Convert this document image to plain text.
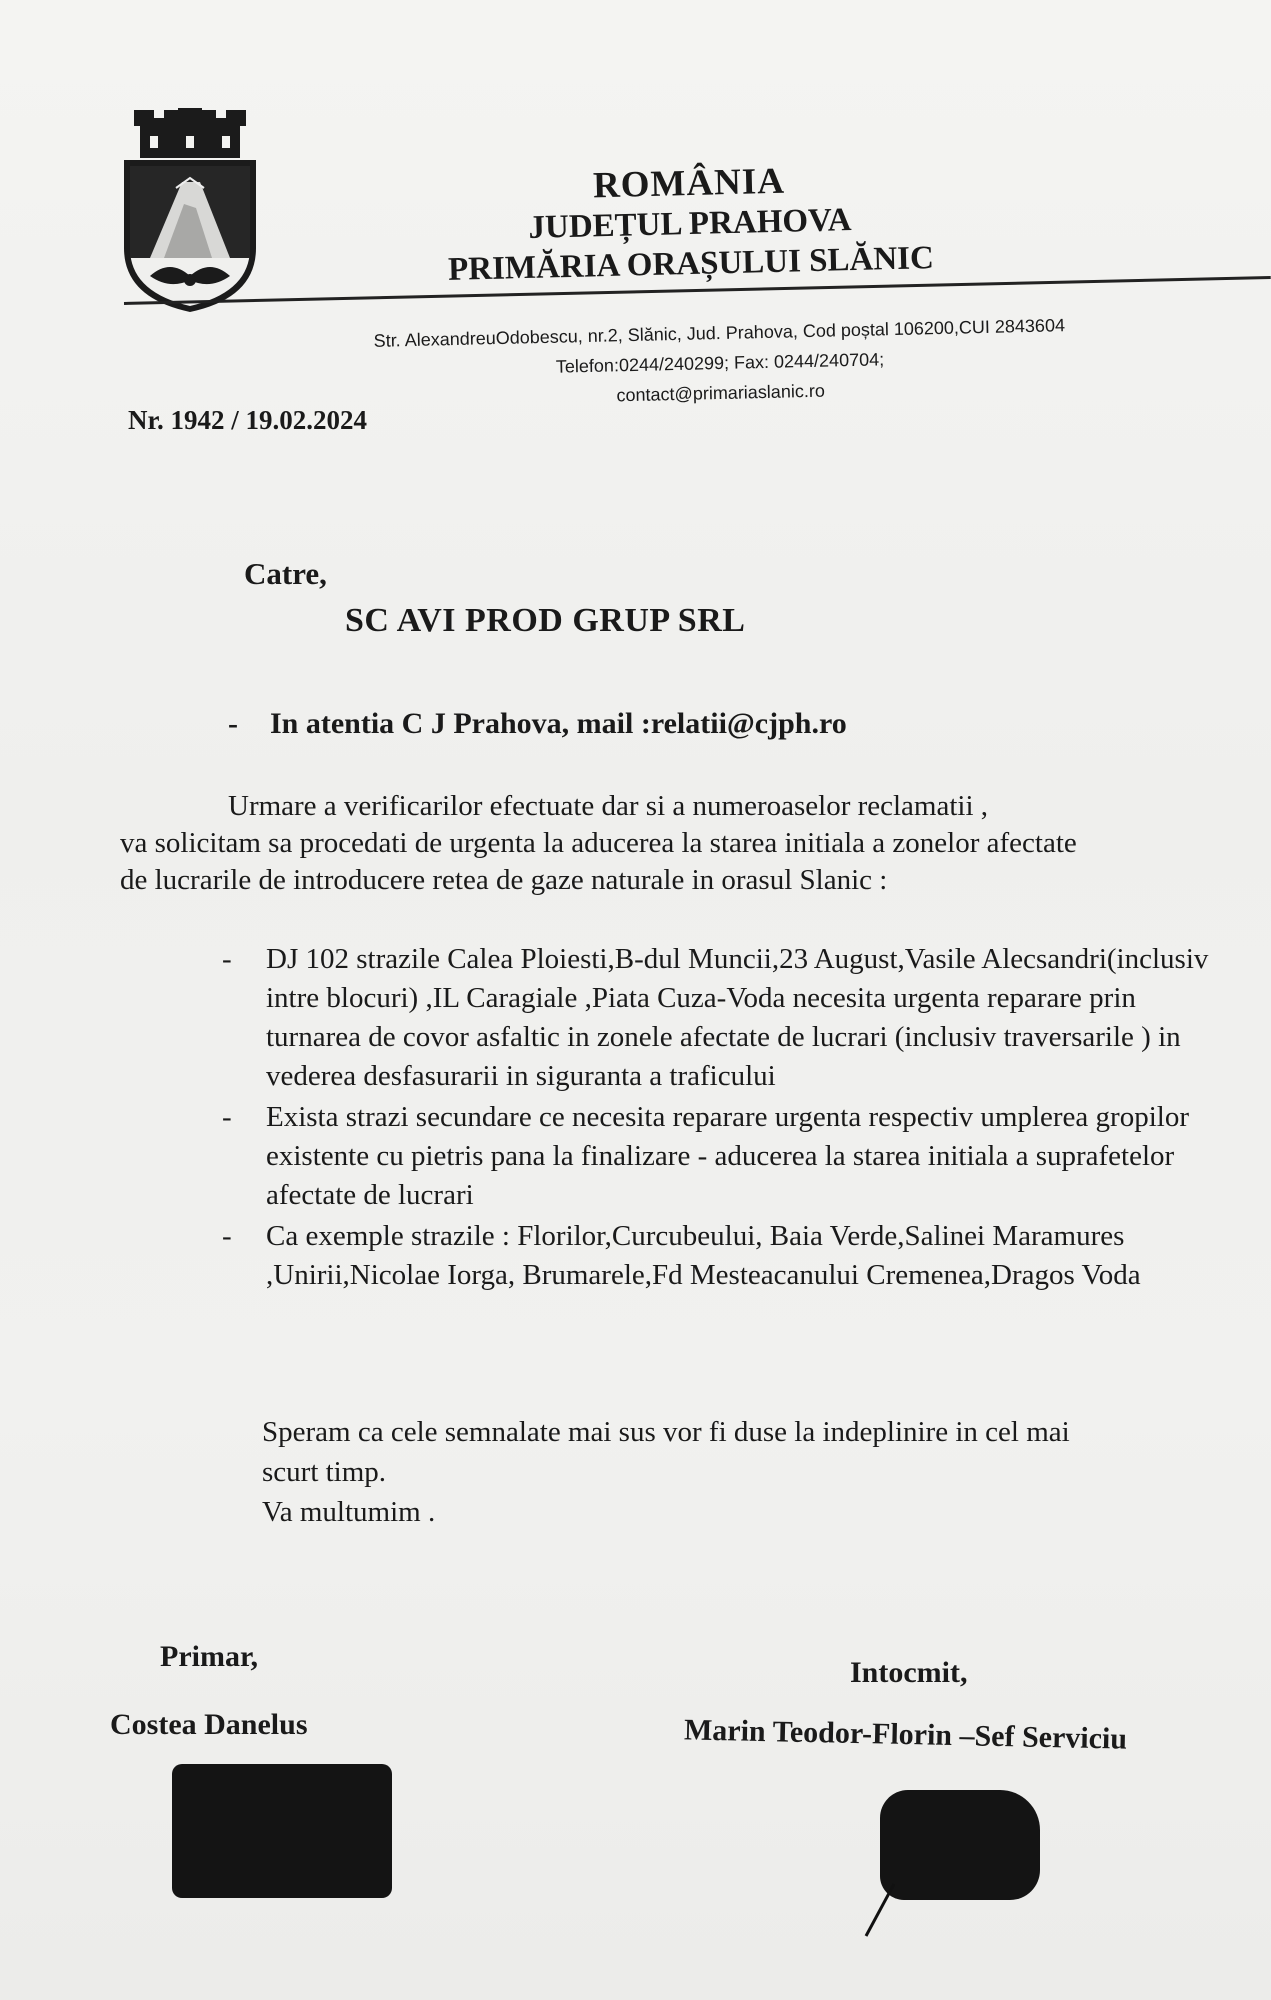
ROMÂNIA
JUDEȚUL PRAHOVA
PRIMĂRIA ORAȘULUI SLĂNIC
Str. AlexandreuOdobescu, nr.2, Slănic, Jud. Prahova, Cod poștal 106200,CUI 2843604
Telefon:0244/240299; Fax: 0244/240704;
contact@primariaslanic.ro
Nr. 1942 / 19.02.2024
Catre,
SC AVI PROD GRUP SRL
- In atentia C J Prahova, mail :relatii@cjph.ro
Urmare a verificarilor efectuate dar si a numeroaselor reclamatii ,
va solicitam sa procedati de urgenta la aducerea la starea initiala a zonelor afectate
de lucrarile de introducere retea de gaze naturale in orasul Slanic :
- DJ 102 strazile Calea Ploiesti,B-dul Muncii,23 August,Vasile Alecsandri(inclusiv intre blocuri) ,IL Caragiale ,Piata Cuza-Voda necesita urgenta reparare prin turnarea de covor asfaltic in zonele afectate de lucrari (inclusiv traversarile ) in vederea desfasurarii in siguranta a traficului
- Exista strazi secundare ce necesita reparare urgenta respectiv umplerea gropilor existente cu pietris pana la finalizare - aducerea la starea initiala a suprafetelor afectate de lucrari
- Ca exemple strazile : Florilor,Curcubeului, Baia Verde,Salinei Maramures ,Unirii,Nicolae Iorga, Brumarele,Fd Mesteacanului Cremenea,Dragos Voda
Speram ca cele semnalate mai sus vor fi duse la indeplinire in cel mai
scurt timp.
Va multumim .
Primar,
Costea Danelus
Intocmit,
Marin Teodor-Florin –Sef Serviciu
